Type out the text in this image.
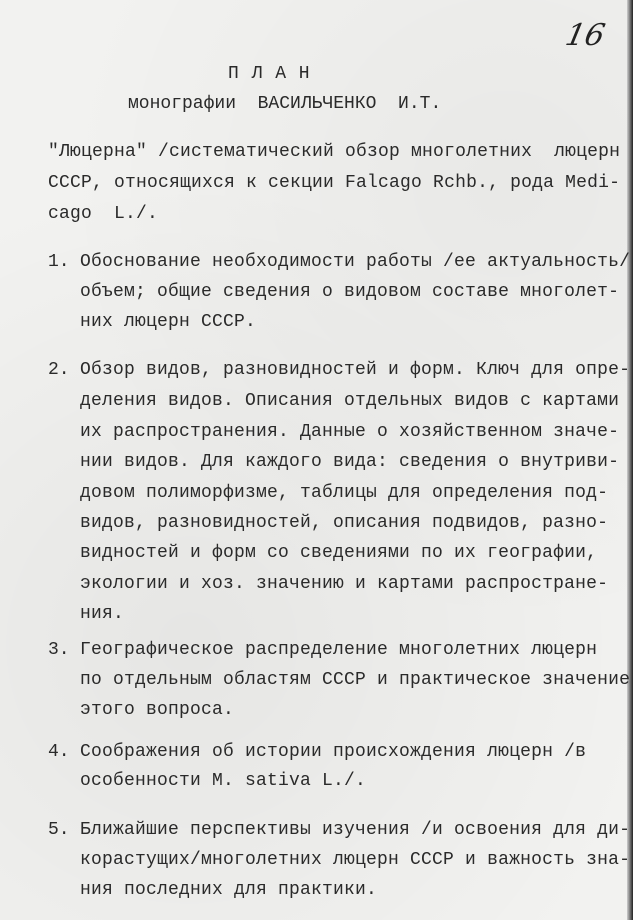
16
П Л А Н
монографии  ВАСИЛЬЧЕНКО  И.Т.
"Люцерна" /систематический обзор многолетних  люцерн
СССР, относящихся к секции Falcago Rchb., рода Medi-
cago  L./.
1. Обоснование необходимости работы /ее актуальность/
объем; общие сведения о видовом составе многолет-
них люцерн СССР.
2. Обзор видов, разновидностей и форм. Ключ для опре-
деления видов. Описания отдельных видов с картами
их распространения. Данные о хозяйственном значе-
нии видов. Для каждого вида: сведения о внутриви-
довом полиморфизме, таблицы для определения под-
видов, разновидностей, описания подвидов, разно-
видностей и форм со сведениями по их географии,
экологии и хоз. значению и картами распростране-
ния.
3. Географическое распределение многолетних люцерн
по отдельным областям СССР и практическое значение
этого вопроса.
4. Соображения об истории происхождения люцерн /в
особенности M. sativa L./.
5. Ближайшие перспективы изучения /и освоения для ди-
корастущих/многолетних люцерн СССР и важность зна-
ния последних для практики.
